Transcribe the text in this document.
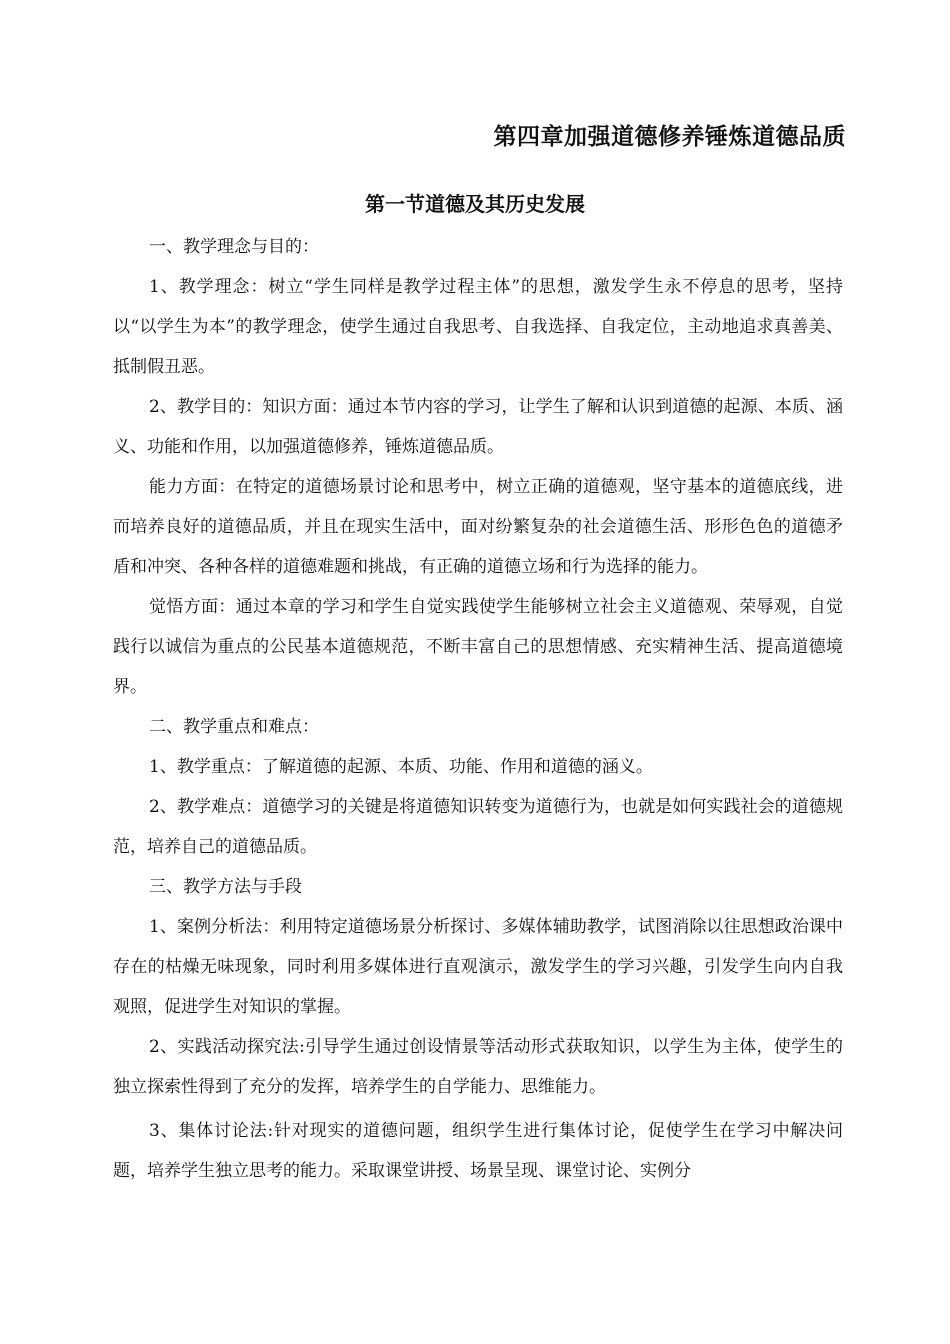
第四章加强道德修养锤炼道德品质
第一节道德及其历史发展

一、教学理念与目的：

1、教学理念：树立“学生同样是教学过程主体”的思想，激发学生永不停息的思考，坚持以“以学生为本”的教学理念，使学生通过自我思考、自我选择、自我定位，主动地追求真善美、抵制假丑恶。

2、教学目的：知识方面：通过本节内容的学习，让学生了解和认识到道德的起源、本质、涵义、功能和作用，以加强道德修养，锤炼道德品质。

能力方面：在特定的道德场景讨论和思考中，树立正确的道德观，坚守基本的道德底线，进而培养良好的道德品质，并且在现实生活中，面对纷繁复杂的社会道德生活、形形色色的道德矛盾和冲突、各种各样的道德难题和挑战，有正确的道德立场和行为选择的能力。

觉悟方面：通过本章的学习和学生自觉实践使学生能够树立社会主义道德观、荣辱观，自觉践行以诚信为重点的公民基本道德规范，不断丰富自己的思想情感、充实精神生活、提高道德境界。

二、教学重点和难点：

1、教学重点：了解道德的起源、本质、功能、作用和道德的涵义。

2、教学难点：道德学习的关键是将道德知识转变为道德行为，也就是如何实践社会的道德规范，培养自己的道德品质。

三、教学方法与手段

1、案例分析法：利用特定道德场景分析探讨、多媒体辅助教学，试图消除以往思想政治课中存在的枯燥无味现象，同时利用多媒体进行直观演示，激发学生的学习兴趣，引发学生向内自我观照，促进学生对知识的掌握。

2、实践活动探究法:引导学生通过创设情景等活动形式获取知识，以学生为主体，使学生的独立探索性得到了充分的发挥，培养学生的自学能力、思维能力。

3、集体讨论法:针对现实的道德问题，组织学生进行集体讨论，促使学生在学习中解决问题，培养学生独立思考的能力。采取课堂讲授、场景呈现、课堂讨论、实例分
